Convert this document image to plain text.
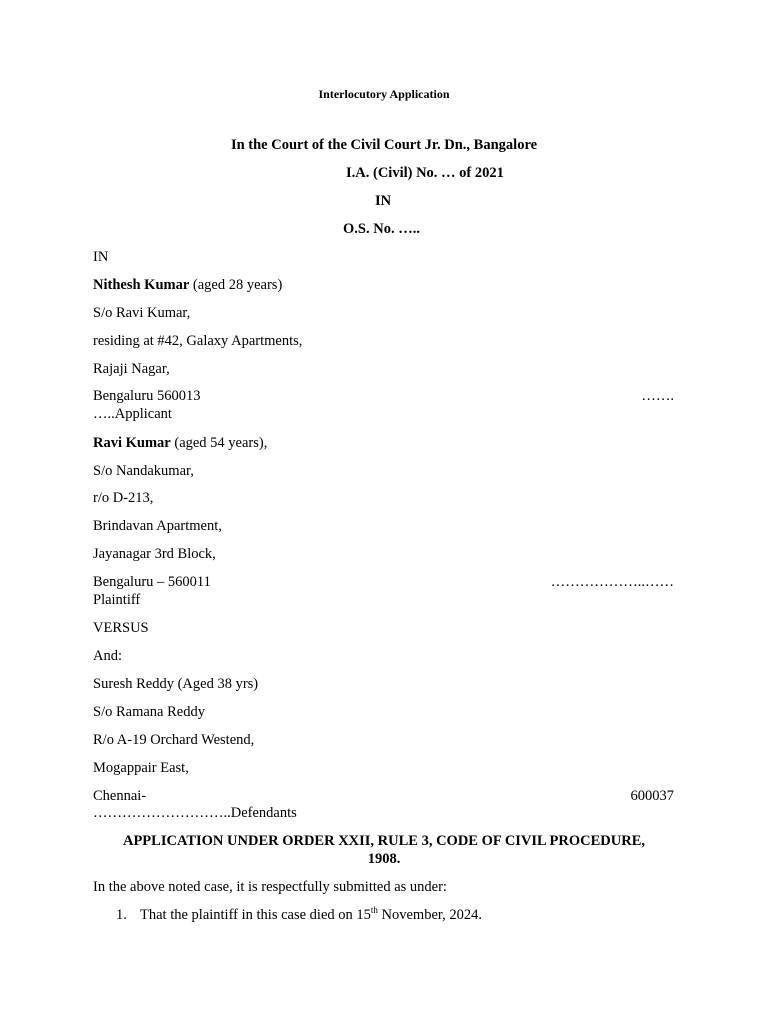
Interlocutory Application
In the Court of the Civil Court Jr. Dn., Bangalore
I.A. (Civil) No. … of 2021
IN
O.S. No. …..
IN
Nithesh Kumar (aged 28 years)
S/o Ravi Kumar,
residing at #42, Galaxy Apartments,
Rajaji Nagar,
Bengaluru 560013	…….
…..Applicant
Ravi Kumar (aged 54 years),
S/o Nandakumar,
r/o D-213,
Brindavan Apartment,
Jayanagar 3rd Block,
Bengaluru – 560011	………………..……
Plaintiff
VERSUS
And:
Suresh Reddy (Aged 38 yrs)
S/o Ramana Reddy
R/o A-19 Orchard Westend,
Mogappair East,
Chennai-	600037
………………………..Defendants
APPLICATION UNDER ORDER XXII, RULE 3, CODE OF CIVIL PROCEDURE,
1908.
In the above noted case, it is respectfully submitted as under:
1. That the plaintiff in this case died on 15th November, 2024.
